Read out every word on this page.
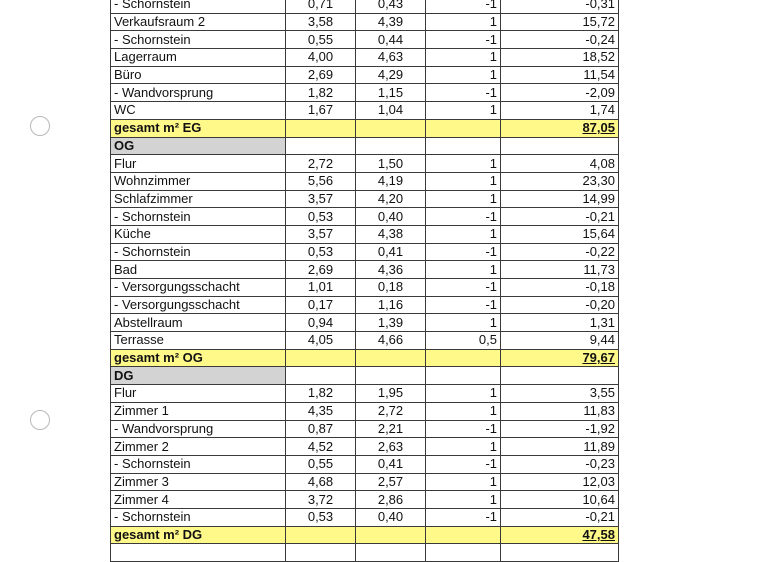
- Schornstein	0,71	0,43	-1	-0,31
Verkaufsraum 2	3,58	4,39	1	15,72
- Schornstein	0,55	0,44	-1	-0,24
Lagerraum	4,00	4,63	1	18,52
Büro	2,69	4,29	1	11,54
- Wandvorsprung	1,82	1,15	-1	-2,09
WC	1,67	1,04	1	1,74
gesamt m² EG				87,05
OG				
Flur	2,72	1,50	1	4,08
Wohnzimmer	5,56	4,19	1	23,30
Schlafzimmer	3,57	4,20	1	14,99
- Schornstein	0,53	0,40	-1	-0,21
Küche	3,57	4,38	1	15,64
- Schornstein	0,53	0,41	-1	-0,22
Bad	2,69	4,36	1	11,73
- Versorgungsschacht	1,01	0,18	-1	-0,18
- Versorgungsschacht	0,17	1,16	-1	-0,20
Abstellraum	0,94	1,39	1	1,31
Terrasse	4,05	4,66	0,5	9,44
gesamt m² OG				79,67
DG				
Flur	1,82	1,95	1	3,55
Zimmer 1	4,35	2,72	1	11,83
- Wandvorsprung	0,87	2,21	-1	-1,92
Zimmer 2	4,52	2,63	1	11,89
- Schornstein	0,55	0,41	-1	-0,23
Zimmer 3	4,68	2,57	1	12,03
Zimmer 4	3,72	2,86	1	10,64
- Schornstein	0,53	0,40	-1	-0,21
gesamt m² DG				47,58
